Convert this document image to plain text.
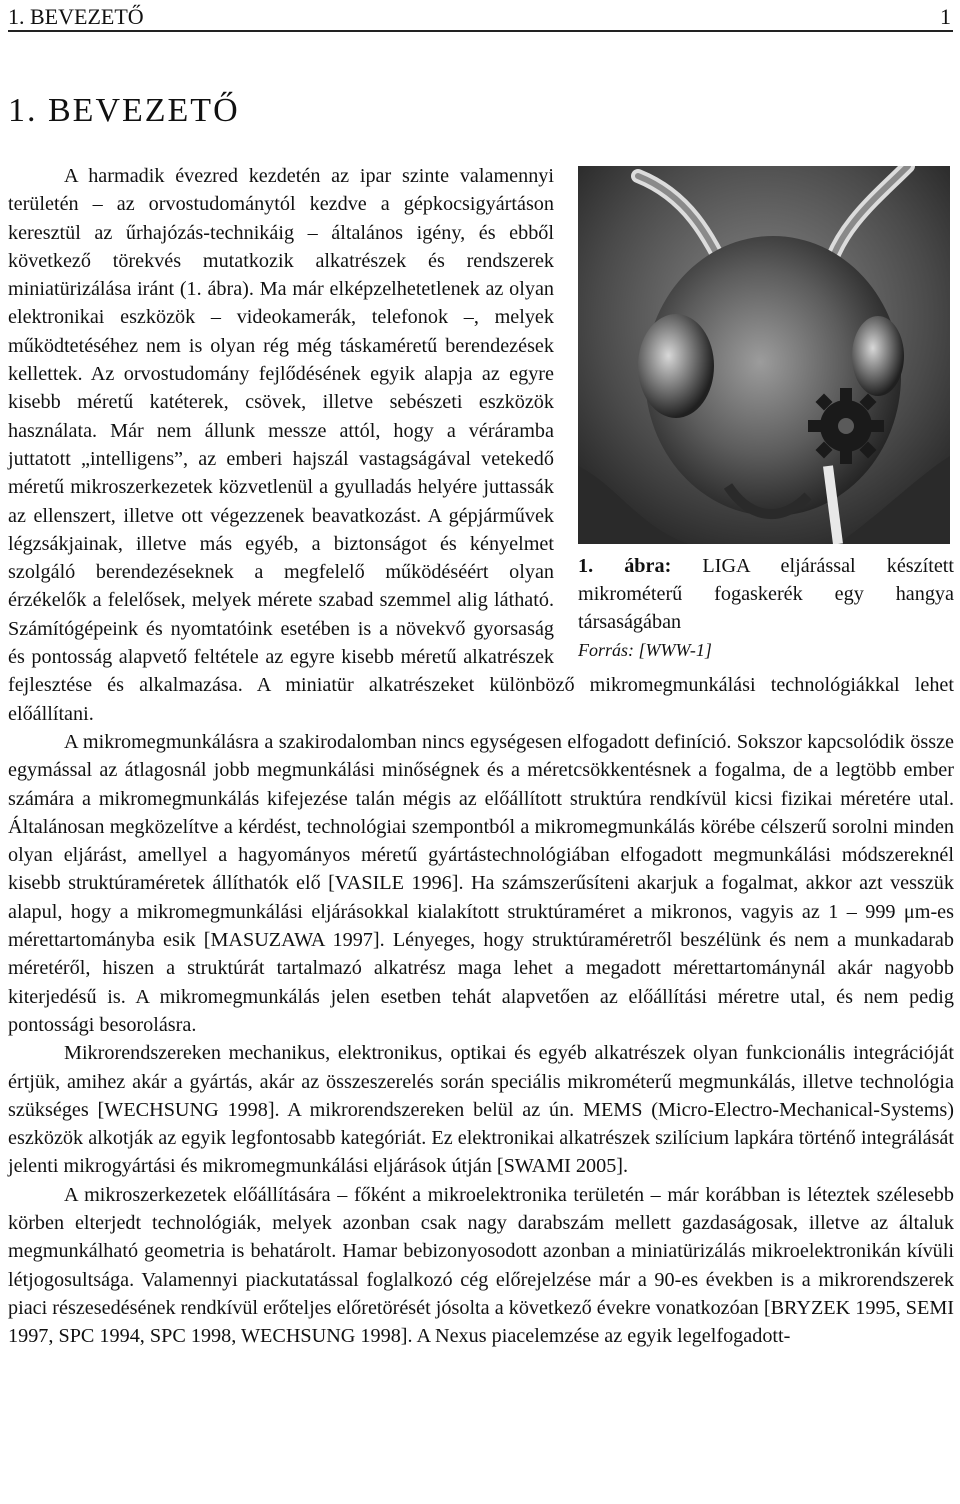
1. BEVEZETŐ	1
1. BEVEZETŐ
1. ábra: LIGA eljárással készített mikrométerű fogaskerék egy hangya társaságában
Forrás: [WWW-1]

A harmadik évezred kezdetén az ipar szinte valamennyi területén – az orvostudománytól kezdve a gépkocsigyártáson keresztül az űrhajózás-technikáig – általános igény, és ebből következő törekvés mutatkozik alkatrészek és rendszerek miniatürizálása iránt (1. ábra). Ma már elképzelhetetlenek az olyan elektronikai eszközök – videokamerák, telefonok –, melyek működtetéséhez nem is olyan rég még táskaméretű berendezések kellettek. Az orvostudomány fejlődésének egyik alapja az egyre kisebb méretű katéterek, csövek, illetve sebészeti eszközök használata. Már nem állunk messze attól, hogy a véráramba juttatott „intelligens”, az emberi hajszál vastagságával vetekedő méretű mikroszerkezetek közvetlenül a gyulladás helyére juttassák az ellenszert, illetve ott végezzenek beavatkozást. A gépjárművek légzsákjainak, illetve más egyéb, a biztonságot és kényelmet szolgáló berendezéseknek a megfelelő működéséért olyan érzékelők a felelősek, melyek mérete szabad szemmel alig látható. Számítógépeink és nyomtatóink esetében is a növekvő gyorsaság és pontosság alapvető feltétele az egyre kisebb méretű alkatrészek fejlesztése és alkalmazása. A miniatür alkatrészeket különböző mikromegmunkálási technológiákkal lehet előállítani.

A mikromegmunkálásra a szakirodalomban nincs egységesen elfogadott definíció. Sokszor kapcsolódik össze egymással az átlagosnál jobb megmunkálási minőségnek és a méretcsökkentésnek a fogalma, de a legtöbb ember számára a mikromegmunkálás kifejezése talán mégis az előállított struktúra rendkívül kicsi fizikai méretére utal. Általánosan megközelítve a kérdést, technológiai szempontból a mikromegmunkálás körébe célszerű sorolni minden olyan eljárást, amellyel a hagyományos méretű gyártástechnológiában elfogadott megmunkálási módszereknél kisebb struktúraméretek állíthatók elő [VASILE 1996]. Ha számszerűsíteni akarjuk a fogalmat, akkor azt vesszük alapul, hogy a mikromegmunkálási eljárásokkal kialakított struktúraméret a mikronos, vagyis az 1 – 999 μm-es mérettartományba esik [MASUZAWA 1997]. Lényeges, hogy struktúraméretről beszélünk és nem a munkadarab méretéről, hiszen a struktúrát tartalmazó alkatrész maga lehet a megadott mérettartománynál akár nagyobb kiterjedésű is. A mikromegmunkálás jelen esetben tehát alapvetően az előállítási méretre utal, és nem pedig pontossági besorolásra.

Mikrorendszereken mechanikus, elektronikus, optikai és egyéb alkatrészek olyan funkcionális integrációját értjük, amihez akár a gyártás, akár az összeszerelés során speciális mikrométerű megmunkálás, illetve technológia szükséges [WECHSUNG 1998]. A mikrorendszereken belül az ún. MEMS (Micro-Electro-Mechanical-Systems) eszközök alkotják az egyik legfontosabb kategóriát. Ez elektronikai alkatrészek szilícium lapkára történő integrálását jelenti mikrogyártási és mikromegmunkálási eljárások útján [SWAMI 2005].

A mikroszerkezetek előállítására – főként a mikroelektronika területén – már korábban is léteztek szélesebb körben elterjedt technológiák, melyek azonban csak nagy darabszám mellett gazdaságosak, illetve az általuk megmunkálható geometria is behatárolt. Hamar bebizonyosodott azonban a miniatürizálás mikroelektronikán kívüli létjogosultsága. Valamennyi piackutatással foglalkozó cég előrejelzése már a 90-es években is a mikrorendszerek piaci részesedésének rendkívül erőteljes előretörését jósolta a következő évekre vonatkozóan [BRYZEK 1995, SEMI 1997, SPC 1994, SPC 1998, WECHSUNG 1998]. A Nexus piacelemzése az egyik legelfogadott-
